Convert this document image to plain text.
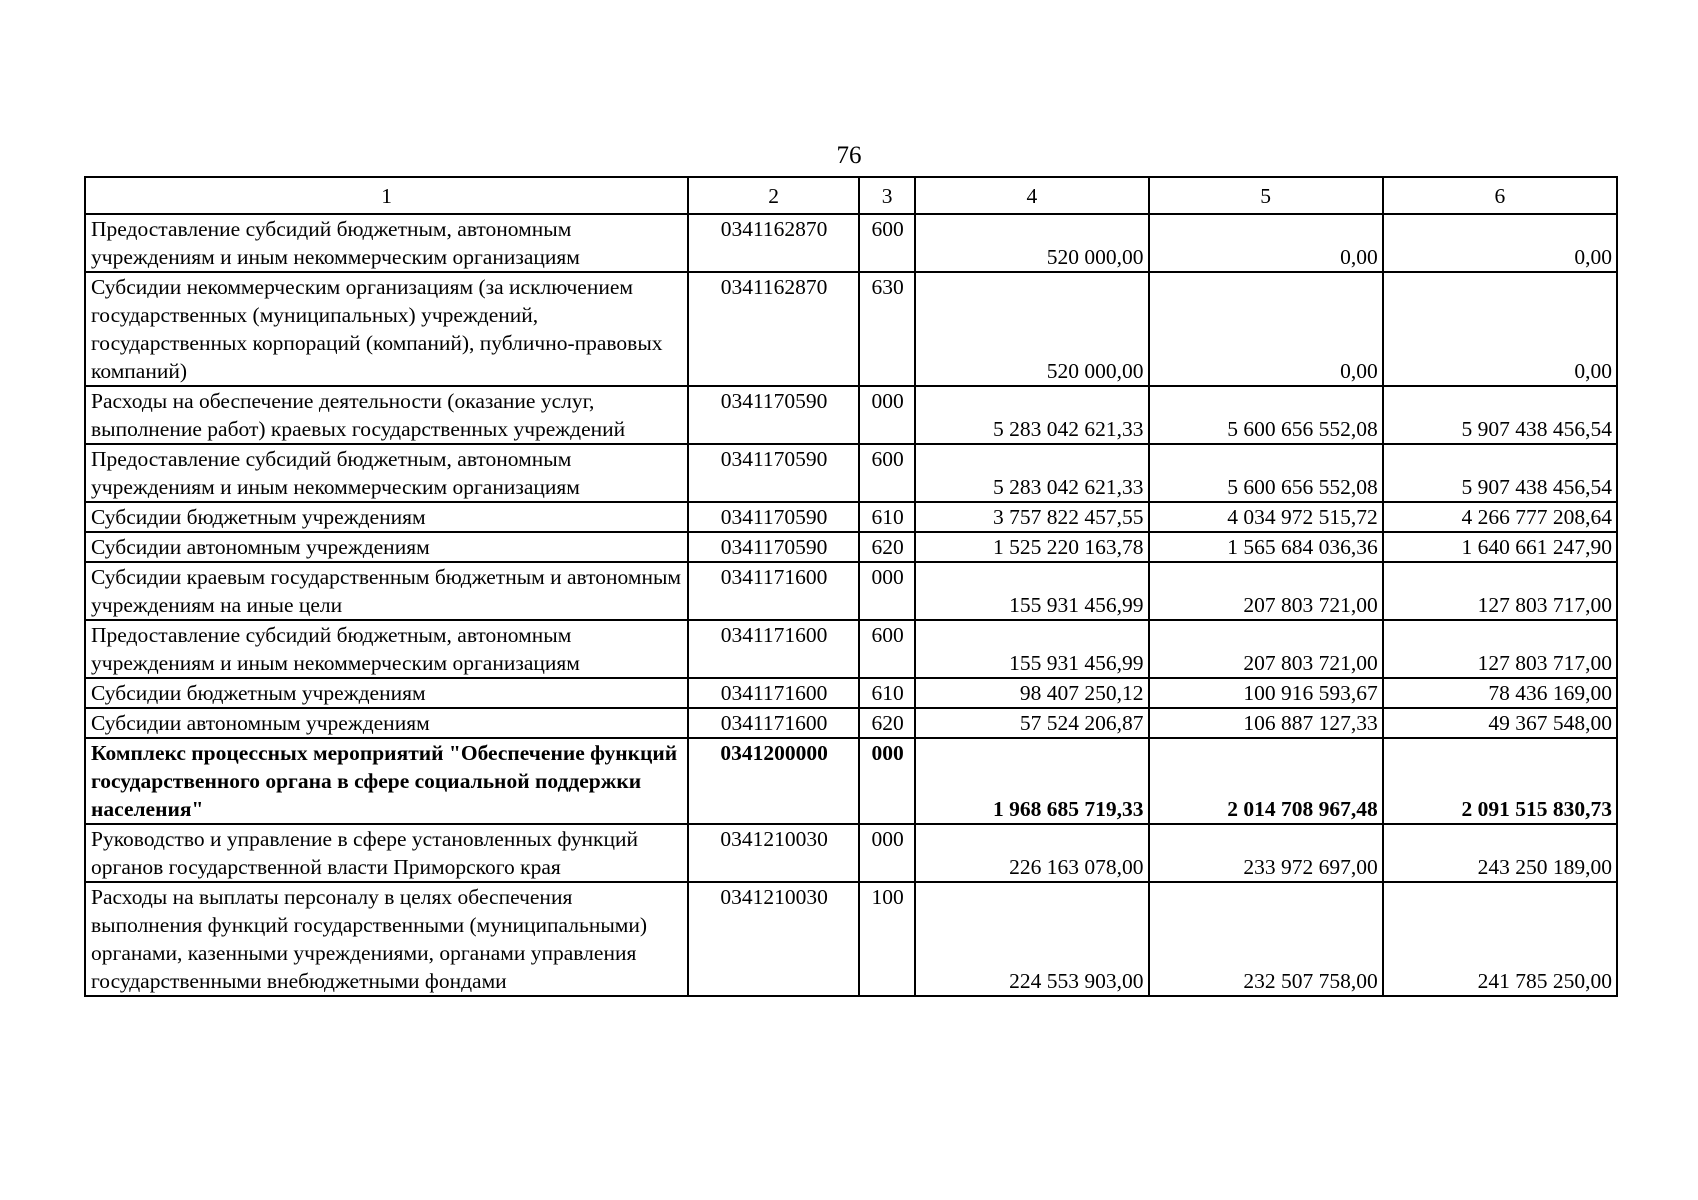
76
1	2	3	4	5	6
Предоставление субсидий бюджетным, автономным учреждениям и иным некоммерческим организациям	0341162870	600	520 000,00	0,00	0,00
Субсидии некоммерческим организациям (за исключением государственных (муниципальных) учреждений, государственных корпораций (компаний), публично-правовых компаний)	0341162870	630	520 000,00	0,00	0,00
Расходы на обеспечение деятельности (оказание услуг, выполнение работ) краевых государственных учреждений	0341170590	000	5 283 042 621,33	5 600 656 552,08	5 907 438 456,54
Предоставление субсидий бюджетным, автономным учреждениям и иным некоммерческим организациям	0341170590	600	5 283 042 621,33	5 600 656 552,08	5 907 438 456,54
Субсидии бюджетным учреждениям	0341170590	610	3 757 822 457,55	4 034 972 515,72	4 266 777 208,64
Субсидии автономным учреждениям	0341170590	620	1 525 220 163,78	1 565 684 036,36	1 640 661 247,90
Субсидии краевым государственным бюджетным и автономным учреждениям на иные цели	0341171600	000	155 931 456,99	207 803 721,00	127 803 717,00
Предоставление субсидий бюджетным, автономным учреждениям и иным некоммерческим организациям	0341171600	600	155 931 456,99	207 803 721,00	127 803 717,00
Субсидии бюджетным учреждениям	0341171600	610	98 407 250,12	100 916 593,67	78 436 169,00
Субсидии автономным учреждениям	0341171600	620	57 524 206,87	106 887 127,33	49 367 548,00
Комплекс процессных мероприятий "Обеспечение функций государственного органа в сфере социальной поддержки населения"	0341200000	000	1 968 685 719,33	2 014 708 967,48	2 091 515 830,73
Руководство и управление в сфере установленных функций органов государственной власти Приморского края	0341210030	000	226 163 078,00	233 972 697,00	243 250 189,00
Расходы на выплаты персоналу в целях обеспечения выполнения функций государственными (муниципальными) органами, казенными учреждениями, органами управления государственными внебюджетными фондами	0341210030	100	224 553 903,00	232 507 758,00	241 785 250,00
